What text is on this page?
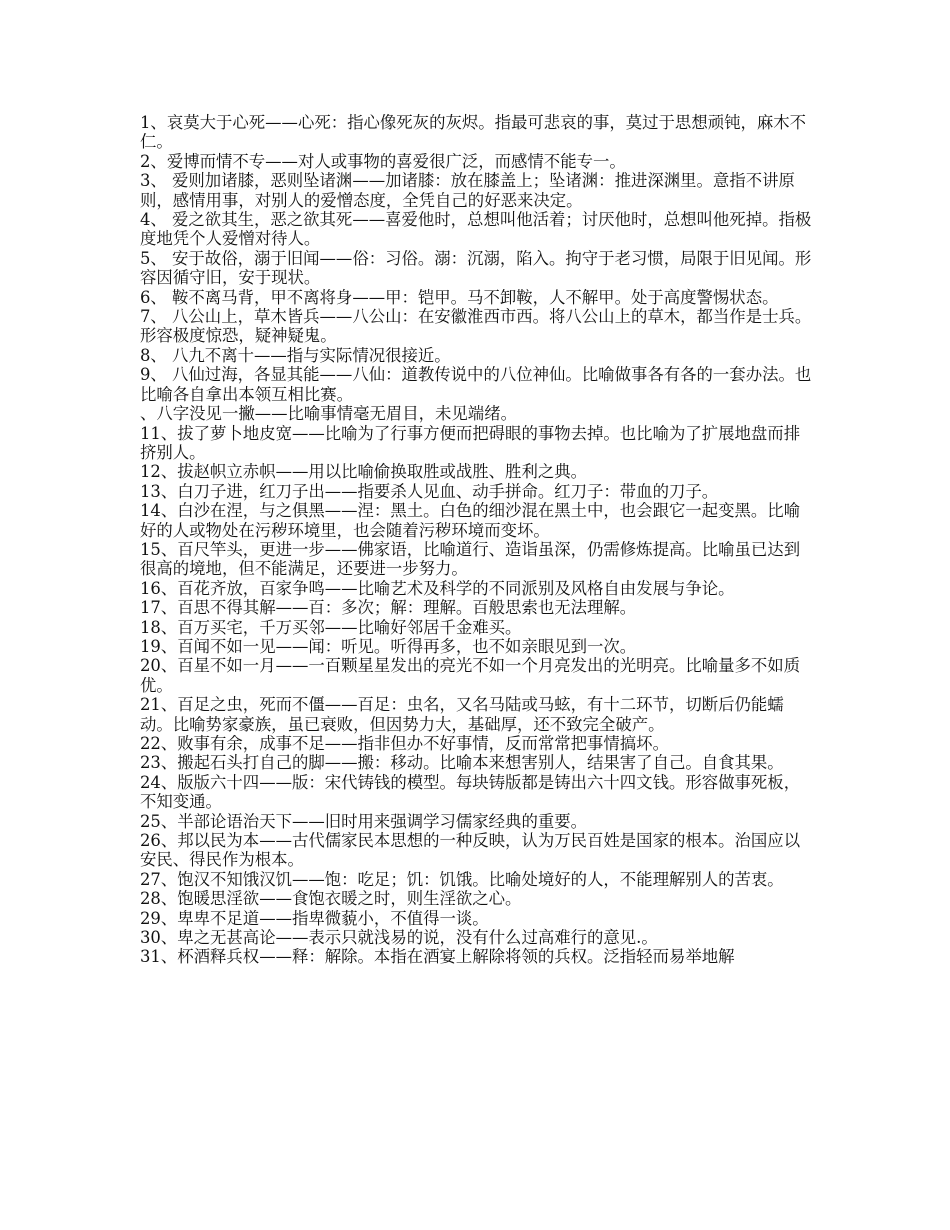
1、哀莫大于心死——心死：指心像死灰的灰烬。指最可悲哀的事，莫过于思想顽钝，麻木不仁。

2、爱博而情不专——对人或事物的喜爱很广泛，而感情不能专一。

3、 爱则加诸膝，恶则坠诸渊——加诸膝：放在膝盖上；坠诸渊：推进深渊里。意指不讲原则，感情用事，对别人的爱憎态度，全凭自己的好恶来决定。

4、 爱之欲其生，恶之欲其死——喜爱他时，总想叫他活着；讨厌他时，总想叫他死掉。指极度地凭个人爱憎对待人。

5、 安于故俗，溺于旧闻——俗：习俗。溺：沉溺，陷入。拘守于老习惯，局限于旧见闻。形容因循守旧，安于现状。

6、 鞍不离马背，甲不离将身——甲：铠甲。马不卸鞍，人不解甲。处于高度警惕状态。

7、 八公山上，草木皆兵——八公山：在安徽淮西市西。将八公山上的草木，都当作是士兵。形容极度惊恐，疑神疑鬼。

8、 八九不离十——指与实际情况很接近。

9、 八仙过海，各显其能——八仙：道教传说中的八位神仙。比喻做事各有各的一套办法。也比喻各自拿出本领互相比赛。

、八字没见一撇——比喻事情毫无眉目，未见端绪。

11、拔了萝卜地皮宽——比喻为了行事方便而把碍眼的事物去掉。也比喻为了扩展地盘而排挤别人。

12、拔赵帜立赤帜——用以比喻偷换取胜或战胜、胜利之典。

13、白刀子进，红刀子出——指要杀人见血、动手拼命。红刀子：带血的刀子。

14、白沙在涅，与之俱黑——涅：黑土。白色的细沙混在黑土中，也会跟它一起变黑。比喻好的人或物处在污秽环境里，也会随着污秽环境而变坏。

15、百尺竿头，更进一步——佛家语，比喻道行、造诣虽深，仍需修炼提高。比喻虽已达到很高的境地，但不能满足，还要进一步努力。

16、百花齐放，百家争鸣——比喻艺术及科学的不同派别及风格自由发展与争论。

17、百思不得其解——百：多次；解：理解。百般思索也无法理解。

18、百万买宅，千万买邻——比喻好邻居千金难买。

19、百闻不如一见——闻：听见。听得再多，也不如亲眼见到一次。

20、百星不如一月——一百颗星星发出的亮光不如一个月亮发出的光明亮。比喻量多不如质优。

21、百足之虫，死而不僵——百足：虫名，又名马陆或马蚿，有十二环节，切断后仍能蠕动。比喻势家豪族，虽已衰败，但因势力大，基础厚，还不致完全破产。

22、败事有余，成事不足——指非但办不好事情，反而常常把事情搞坏。

23、搬起石头打自己的脚——搬：移动。比喻本来想害别人，结果害了自己。自食其果。

24、版版六十四——版：宋代铸钱的模型。每块铸版都是铸出六十四文钱。形容做事死板，不知变通。

25、半部论语治天下——旧时用来强调学习儒家经典的重要。

26、邦以民为本——古代儒家民本思想的一种反映，认为万民百姓是国家的根本。治国应以安民、得民作为根本。

27、饱汉不知饿汉饥——饱：吃足；饥：饥饿。比喻处境好的人，不能理解别人的苦衷。

28、饱暖思淫欲——食饱衣暖之时，则生淫欲之心。

29、卑卑不足道——指卑微藐小，不值得一谈。

30、卑之无甚高论——表示只就浅易的说，没有什么过高难行的意见.。

31、杯酒释兵权——释：解除。本指在酒宴上解除将领的兵权。泛指轻而易举地解
